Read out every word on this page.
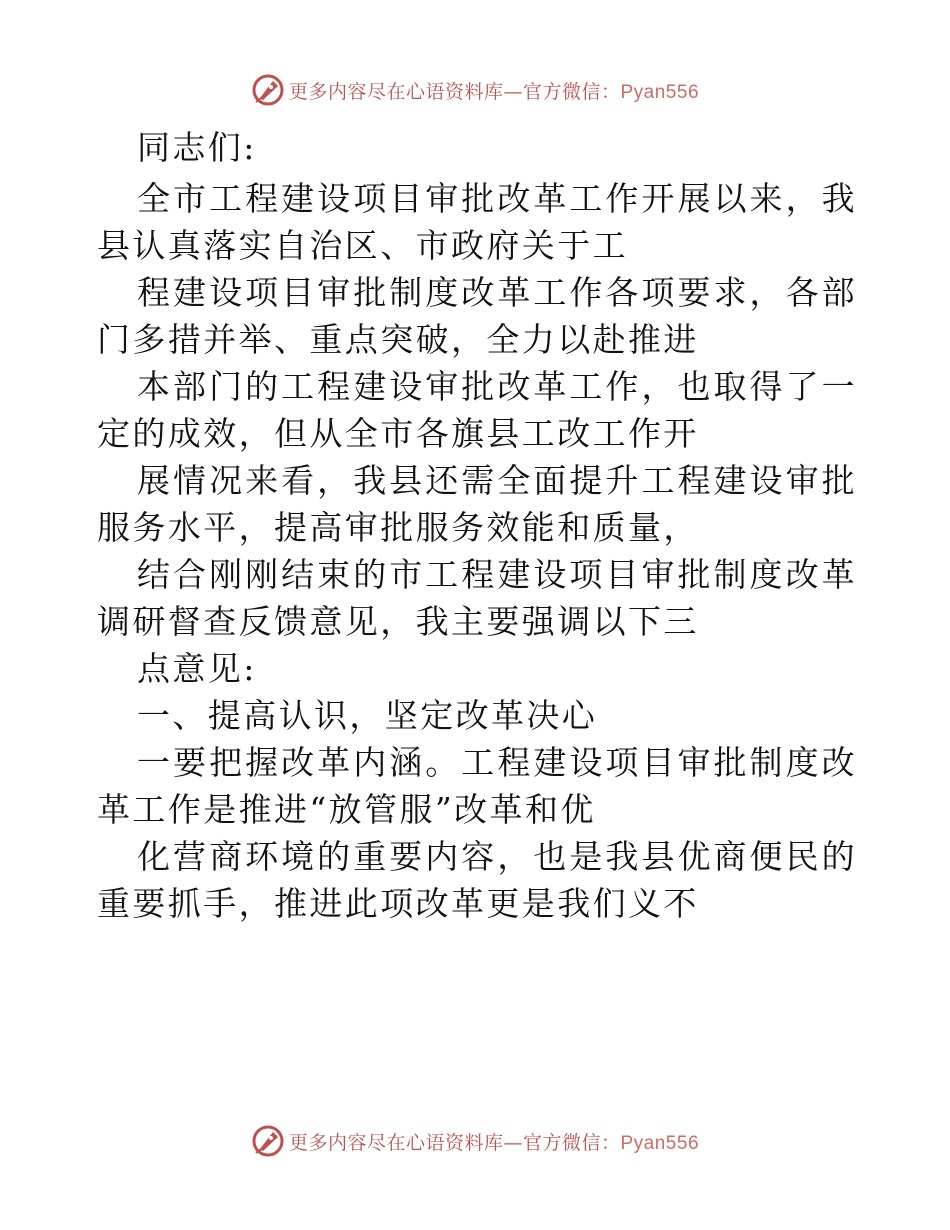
更多内容尽在心语资料库—官方微信：Pyan556

同志们:

全市工程建设项目审批改革工作开展以来，我县认真落实自治区、市政府关于工

程建设项目审批制度改革工作各项要求，各部门多措并举、重点突破，全力以赴推进

本部门的工程建设审批改革工作，也取得了一定的成效，但从全市各旗县工改工作开

展情况来看，我县还需全面提升工程建设审批服务水平，提高审批服务效能和质量，

结合刚刚结束的市工程建设项目审批制度改革调研督查反馈意见，我主要强调以下三

点意见:

一、提高认识，坚定改革决心

一要把握改革内涵。工程建设项目审批制度改革工作是推进“放管服”改革和优

化营商环境的重要内容，也是我县优商便民的重要抓手，推进此项改革更是我们义不

更多内容尽在心语资料库—官方微信：Pyan556
